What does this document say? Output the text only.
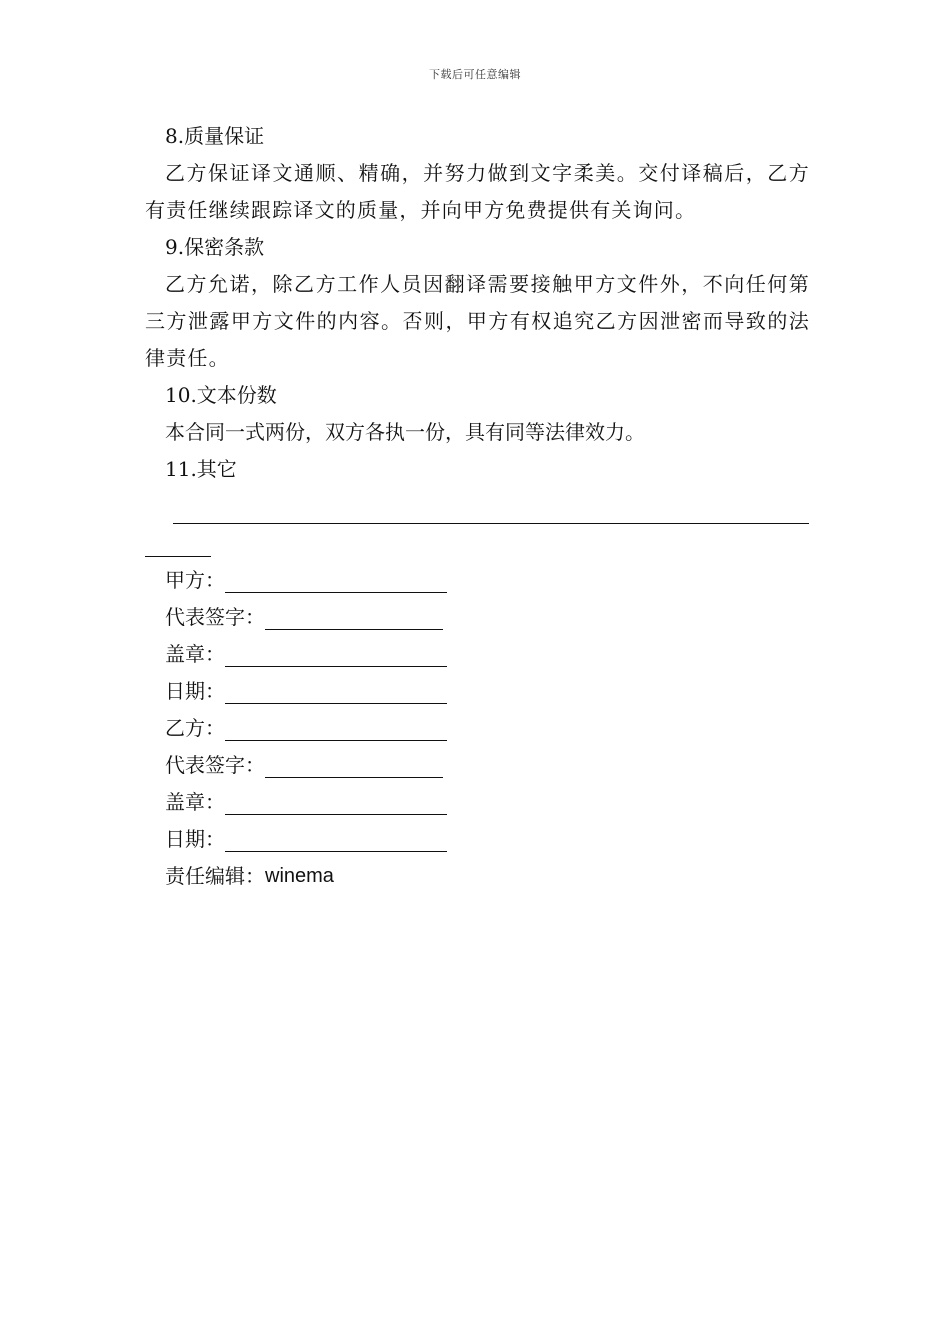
下载后可任意编辑

8.质量保证

乙方保证译文通顺、精确，并努力做到文字柔美。交付译稿后，乙方有责任继续跟踪译文的质量，并向甲方免费提供有关询问。

9.保密条款

乙方允诺，除乙方工作人员因翻译需要接触甲方文件外，不向任何第三方泄露甲方文件的内容。否则，甲方有权追究乙方因泄密而导致的法律责任。

10.文本份数

本合同一式两份，双方各执一份，具有同等法律效力。

11.其它

甲方：
代表签字：
盖章：
日期：
乙方：
代表签字：
盖章：
日期：
责任编辑： winema
